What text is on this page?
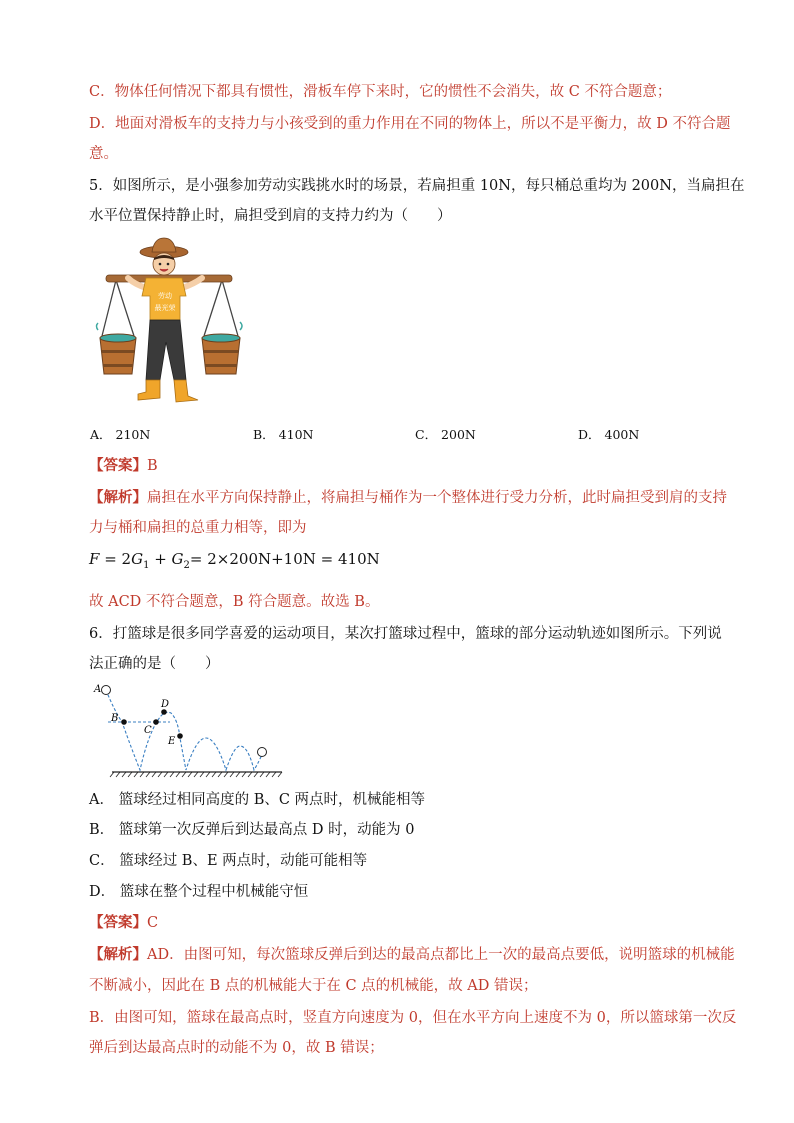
C．物体任何情况下都具有惯性，滑板车停下来时，它的惯性不会消失，故 C 不符合题意；
D．地面对滑板车的支持力与小孩受到的重力作用在不同的物体上，所以不是平衡力，故 D 不符合题
意。
5．如图所示，是小强参加劳动实践挑水时的场景，若扁担重 10N，每只桶总重均为 200N，当扁担在
水平位置保持静止时，扁担受到肩的支持力约为（　　）
劳动
最光荣
A． 210N	B． 410N	C． 200N	D． 400N
【答案】B
【解析】扁担在水平方向保持静止，将扁担与桶作为一个整体进行受力分析，此时扁担受到肩的支持
力与桶和扁担的总重力相等，即为
$F = 2G_1 + G_2= 2\times 200N+10N = 410N$
故 ACD 不符合题意，B 符合题意。故选 B。
6．打篮球是很多同学喜爱的运动项目，某次打篮球过程中，篮球的部分运动轨迹如图所示。下列说
法正确的是（　　）
A
B
C
D
E
A． 篮球经过相同高度的 B、C 两点时，机械能相等
B． 篮球第一次反弹后到达最高点 D 时，动能为 0
C． 篮球经过 B、E 两点时，动能可能相等
D． 篮球在整个过程中机械能守恒
【答案】C
【解析】AD．由图可知，每次篮球反弹后到达的最高点都比上一次的最高点要低，说明篮球的机械能
不断减小，因此在 B 点的机械能大于在 C 点的机械能，故 AD 错误；
B．由图可知，篮球在最高点时，竖直方向速度为 0，但在水平方向上速度不为 0，所以篮球第一次反
弹后到达最高点时的动能不为 0，故 B 错误；
